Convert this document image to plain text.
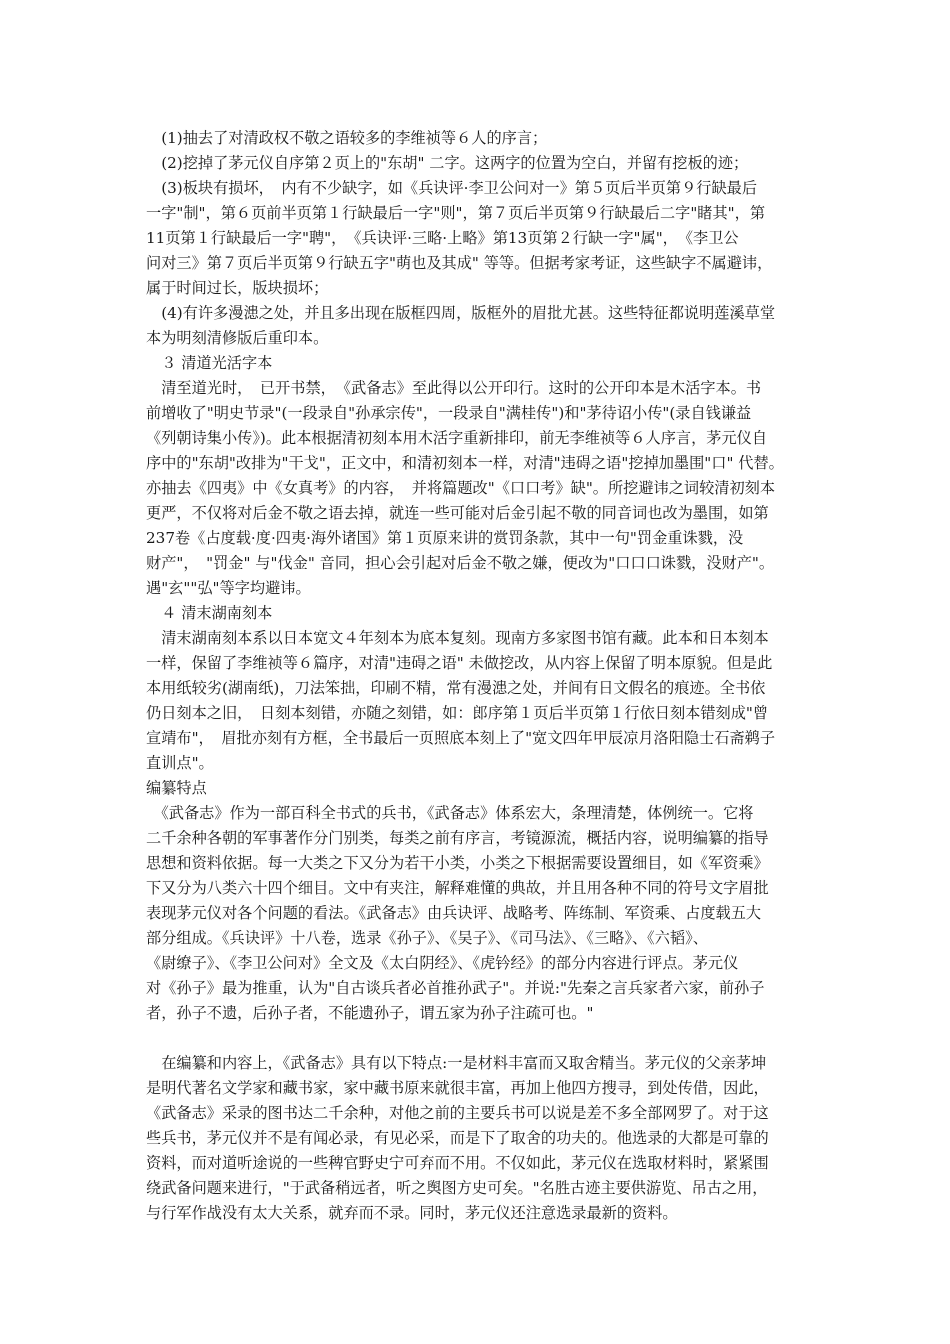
　(1)抽去了对清政权不敬之语较多的李维祯等６人的序言；
　(2)挖掉了茅元仪自序第２页上的"东胡" 二字。这两字的位置为空白，并留有挖板的迹；
　(3)板块有损坏，　内有不少缺字，如《兵诀评·李卫公问对一》第５页后半页第９行缺最后
一字"制"，第６页前半页第１行缺最后一字"则"，第７页后半页第９行缺最后二字"睹其"，第
11页第１行缺最后一字"聘"，　《兵诀评·三略·上略》第13页第２行缺一字"属"，　《李卫公
问对三》第７页后半页第９行缺五字"萌也及其成" 等等。但据考家考证，这些缺字不属避讳，
属于时间过长，版块损坏；
　(4)有许多漫漶之处，并且多出现在版框四周，版框外的眉批尤甚。这些特征都说明莲溪草堂
本为明刻清修版后重印本。
　３ 清道光活字本
　清至道光时，　已开书禁，　《武备志》至此得以公开印行。这时的公开印本是木活字本。书
前增收了"明史节录"(一段录自"孙承宗传"，一段录自"满桂传")和"茅待诏小传"(录自钱谦益
《列朝诗集小传》)。此本根据清初刻本用木活字重新排印，前无李维祯等６人序言，茅元仪自
序中的"东胡"改排为"干戈"，正文中，和清初刻本一样，对清"违碍之语"挖掉加墨围"口" 代替。
亦抽去《四夷》中《女真考》的内容，　并将篇题改"《口口考》缺"。所挖避讳之词较清初刻本
更严，不仅将对后金不敬之语去掉，就连一些可能对后金引起不敬的同音词也改为墨围，如第
237卷《占度载·度·四夷·海外诸国》第１页原来讲的赏罚条款，其中一句"罚金重诛戮，没
财产"，　"罚金" 与"伐金" 音同，担心会引起对后金不敬之嫌，便改为"口口口诛戮，没财产"。
遇"玄""弘"等字均避讳。
　４ 清末湖南刻本
　清末湖南刻本系以日本宽文４年刻本为底本复刻。现南方多家图书馆有藏。此本和日本刻本
一样，保留了李维祯等６篇序，对清"违碍之语" 未做挖改，从内容上保留了明本原貌。但是此
本用纸较劣(湖南纸)，刀法笨拙，印刷不精，常有漫漶之处，并间有日文假名的痕迹。全书依
仍日刻本之旧，　日刻本刻错，亦随之刻错，如：郎序第１页后半页第１行依日刻本错刻成"曾
宣靖布"，　眉批亦刻有方框，全书最后一页照底本刻上了"宽文四年甲辰凉月洛阳隐士石斋鹈子
直训点"。
编纂特点
　《武备志》作为一部百科全书式的兵书，《武备志》体系宏大，条理清楚，体例统一。它将
二千余种各朝的军事著作分门别类，每类之前有序言，考镜源流，概括内容，说明编纂的指导
思想和资料依据。每一大类之下又分为若干小类，小类之下根据需要设置细目，如《军资乘》
下又分为八类六十四个细目。文中有夹注，解释难懂的典故，并且用各种不同的符号文字眉批
表现茅元仪对各个问题的看法。《武备志》由兵诀评、战略考、阵练制、军资乘、占度载五大
部分组成。《兵诀评》十八卷，选录《孙子》、《吴子》、《司马法》、《三略》、《六韬》、
《尉缭子》、《李卫公问对》全文及《太白阴经》、《虎钤经》的部分内容进行评点。茅元仪
对《孙子》最为推重，认为"自古谈兵者必首推孙武子"。并说:"先秦之言兵家者六家，前孙子
者，孙子不遗，后孙子者，不能遗孙子，谓五家为孙子注疏可也。"
　在编纂和内容上，《武备志》具有以下特点:一是材料丰富而又取舍精当。茅元仪的父亲茅坤
是明代著名文学家和藏书家，家中藏书原来就很丰富，再加上他四方搜寻，到处传借，因此，
《武备志》采录的图书达二千余种，对他之前的主要兵书可以说是差不多全部网罗了。对于这
些兵书，茅元仪并不是有闻必录，有见必采，而是下了取舍的功夫的。他选录的大都是可靠的
资料，而对道听途说的一些稗官野史宁可弃而不用。不仅如此，茅元仪在选取材料时，紧紧围
绕武备问题来进行，"于武备稍远者，听之舆图方史可矣。"名胜古迹主要供游览、吊古之用，
与行军作战没有太大关系，就弃而不录。同时，茅元仪还注意选录最新的资料。
